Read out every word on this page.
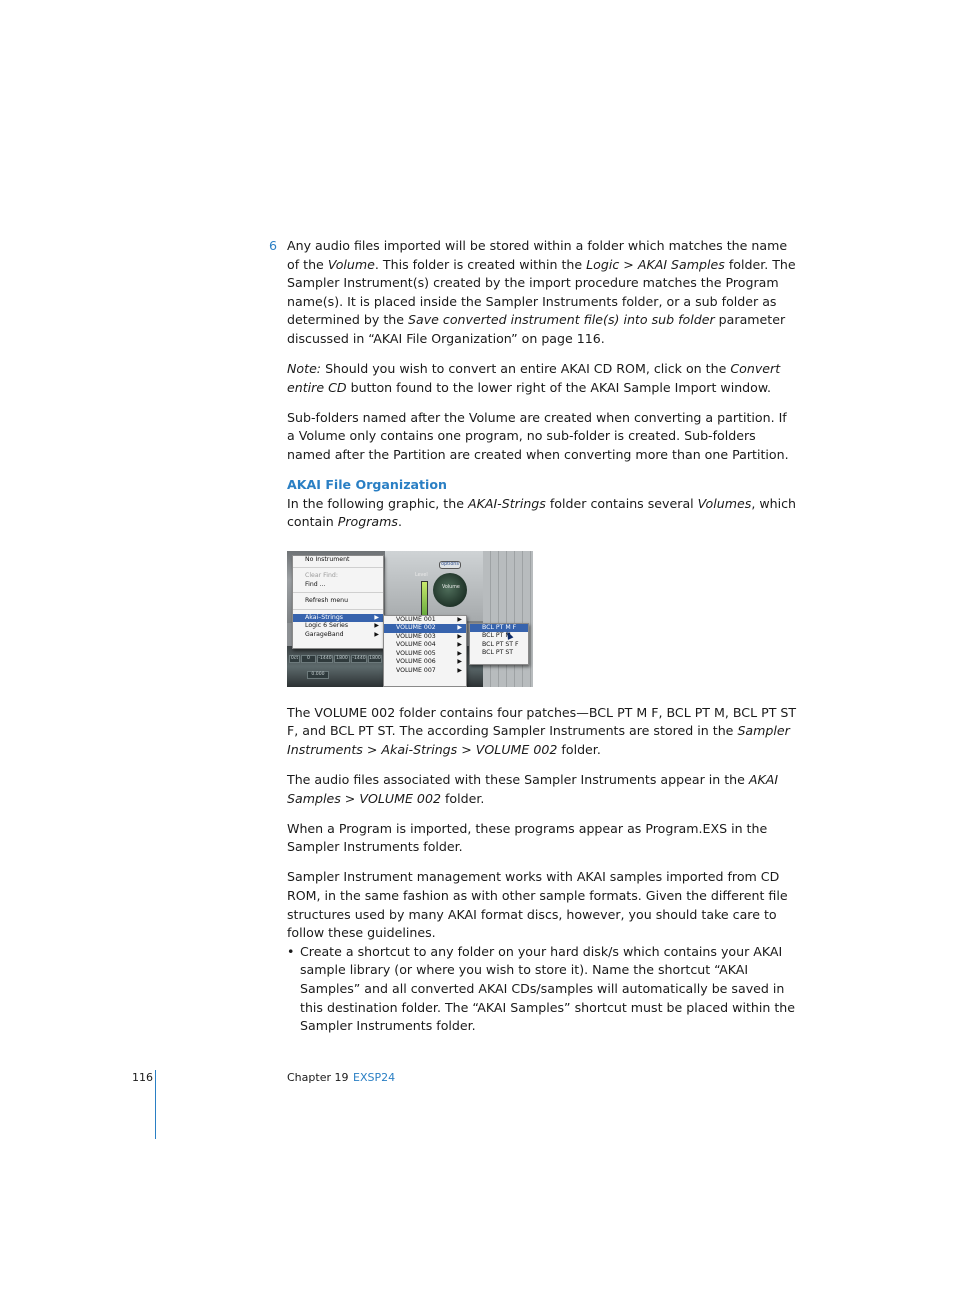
6 Any audio files imported will be stored within a folder which matches the name of the Volume. This folder is created within the Logic > AKAI Samples folder. The Sampler Instrument(s) created by the import procedure matches the Program name(s). It is placed inside the Sampler Instruments folder, or a sub folder as determined by the Save converted instrument file(s) into sub folder parameter discussed in “AKAI File Organization” on page 116.

Note: Should you wish to convert an entire AKAI CD ROM, click on the Convert entire CD button found to the lower right of the AKAI Sample Import window.

Sub-folders named after the Volume are created when converting a partition. If a Volume only contains one program, no sub-folder is created. Sub-folders named after the Partition are created when converting more than one Partition.

AKAI File Organization

In the following graphic, the AKAI-Strings folder contains several Volumes, which contain Programs.

options
Level
Volume
0ct	0	-1440 1800 -1440 1800
0.000
No Instrument
Clear Find:
Find ...
Refresh menu
Akai–Strings	▶
Logic 6 Series	▶
GarageBand	▶
VOLUME 001	▶
VOLUME 002	▶
VOLUME 003	▶
VOLUME 004	▶
VOLUME 005	▶
VOLUME 006	▶
VOLUME 007	▶
BCL PT M F
BCL PT M
BCL PT ST F
BCL PT ST

The VOLUME 002 folder contains four patches—BCL PT M F, BCL PT M, BCL PT ST F, and BCL PT ST. The according Sampler Instruments are stored in the Sampler Instruments > Akai-Strings > VOLUME 002 folder.

The audio files associated with these Sampler Instruments appear in the AKAI Samples > VOLUME 002 folder.

When a Program is imported, these programs appear as Program.EXS in the Sampler Instruments folder.

Sampler Instrument management works with AKAI samples imported from CD ROM, in the same fashion as with other sample formats. Given the different file structures used by many AKAI format discs, however, you should take care to follow these guidelines.

• Create a shortcut to any folder on your hard disk/s which contains your AKAI sample library (or where you wish to store it). Name the shortcut “AKAI Samples” and all converted AKAI CDs/samples will automatically be saved in this destination folder. The “AKAI Samples” shortcut must be placed within the Sampler Instruments folder.
116	Chapter 19 EXSP24
